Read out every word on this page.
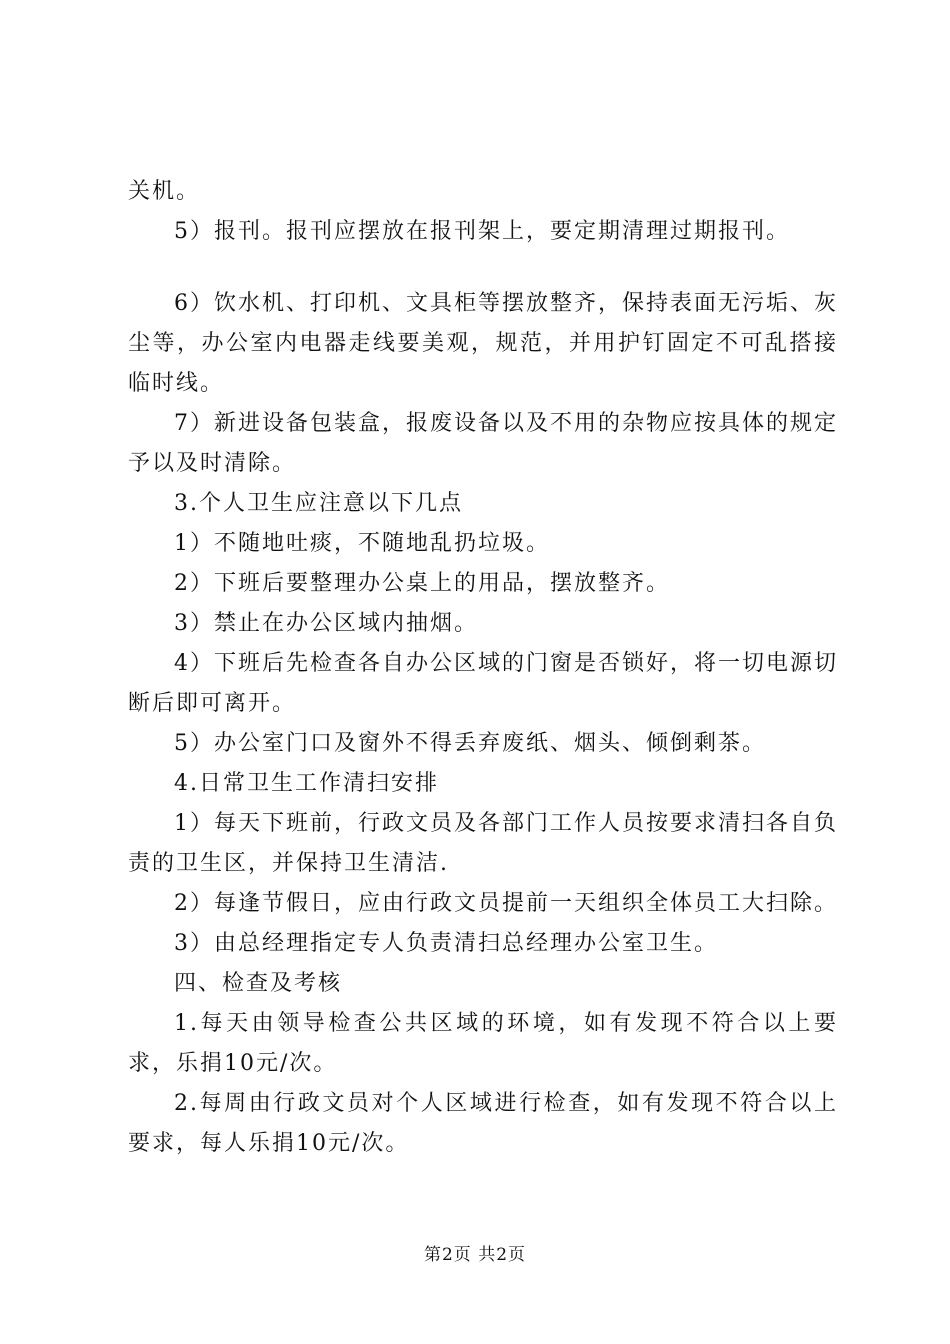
关机。

5）报刊。报刊应摆放在报刊架上，要定期清理过期报刊。

6）饮水机、打印机、文具柜等摆放整齐，保持表面无污垢、灰尘等，办公室内电器走线要美观，规范，并用护钉固定不可乱搭接临时线。

7）新进设备包装盒，报废设备以及不用的杂物应按具体的规定予以及时清除。

3.个人卫生应注意以下几点

1）不随地吐痰，不随地乱扔垃圾。

2）下班后要整理办公桌上的用品，摆放整齐。

3）禁止在办公区域内抽烟。

4）下班后先检查各自办公区域的门窗是否锁好，将一切电源切断后即可离开。

5）办公室门口及窗外不得丢弃废纸、烟头、倾倒剩茶。

4.日常卫生工作清扫安排

1）每天下班前，行政文员及各部门工作人员按要求清扫各自负责的卫生区，并保持卫生清洁.

2）每逢节假日，应由行政文员提前一天组织全体员工大扫除。

3）由总经理指定专人负责清扫总经理办公室卫生。

四、检查及考核

1.每天由领导检查公共区域的环境，如有发现不符合以上要求，乐捐10元/次。

2.每周由行政文员对个人区域进行检查，如有发现不符合以上要求，每人乐捐10元/次。

第2页 共2页
